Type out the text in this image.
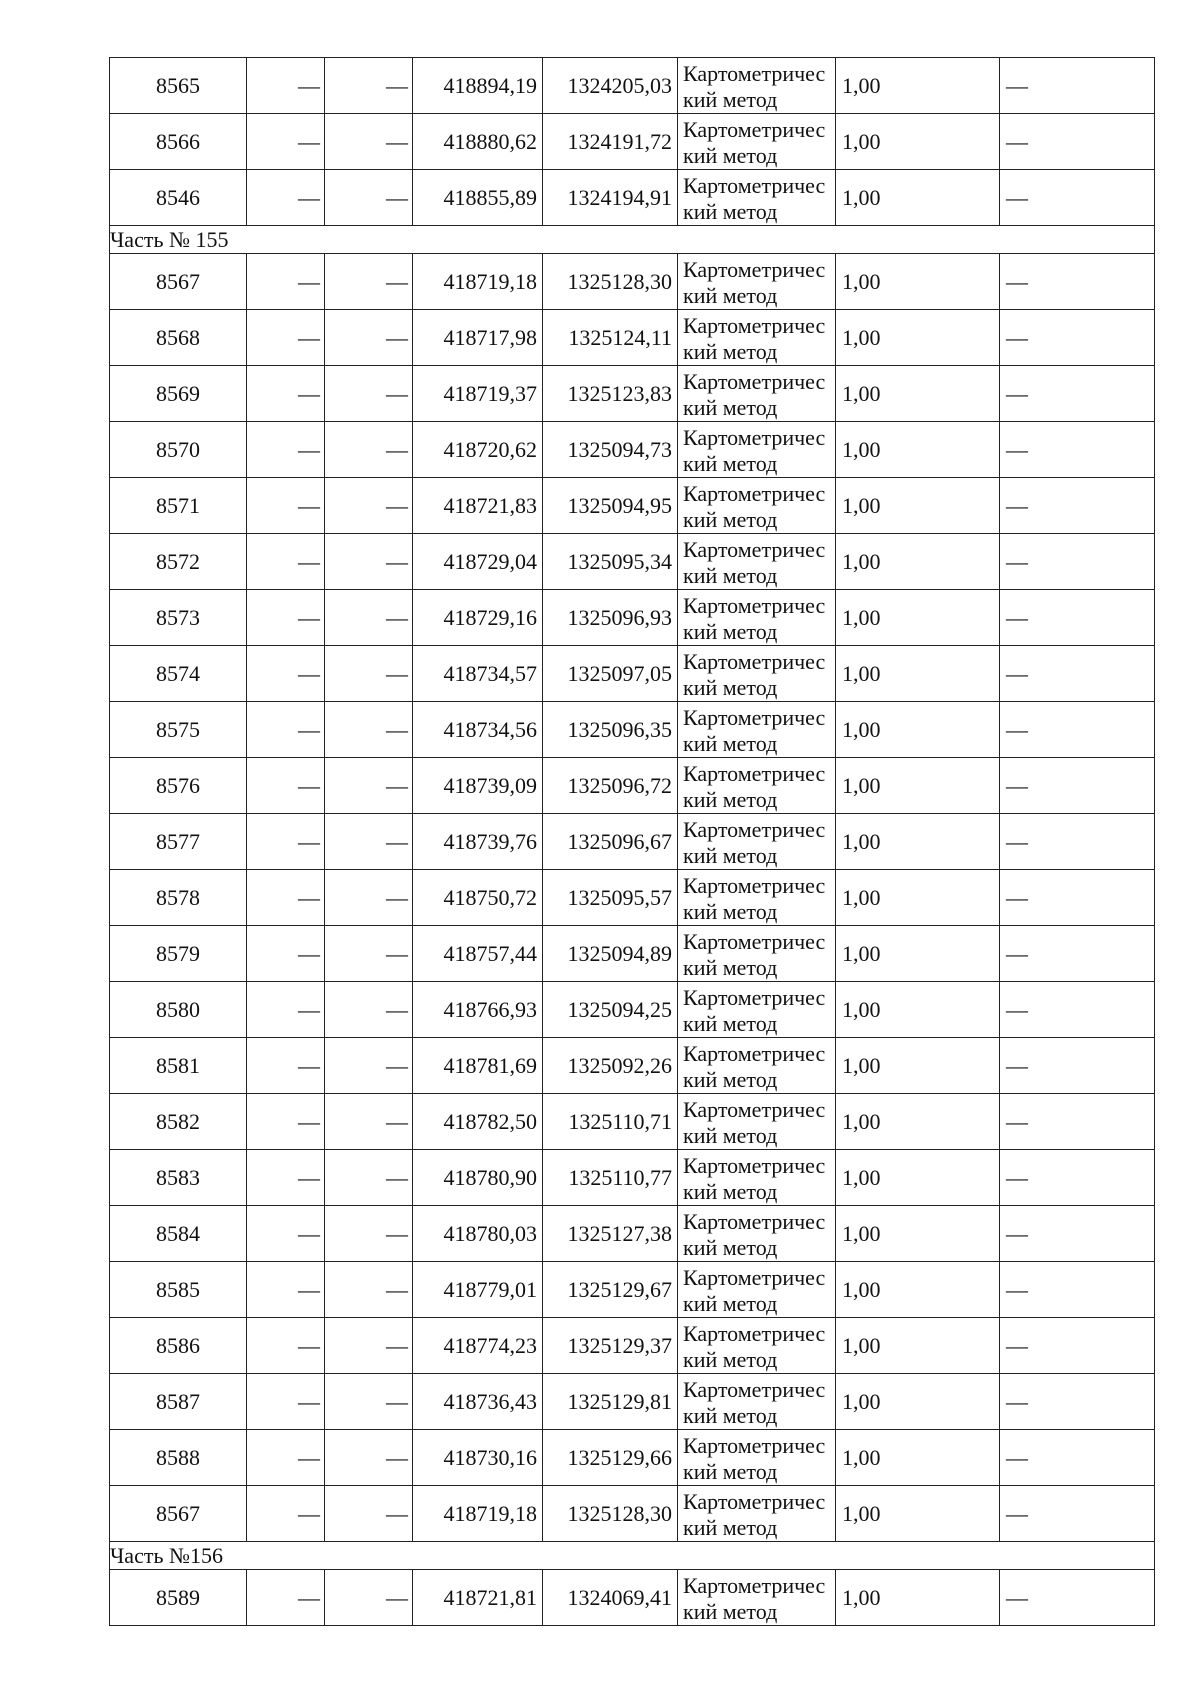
8565	—	—	418894,19	1324205,03	Картометрический метод	1,00	—
8566	—	—	418880,62	1324191,72	Картометрический метод	1,00	—
8546	—	—	418855,89	1324194,91	Картометрический метод	1,00	—
Часть № 155							
8567	—	—	418719,18	1325128,30	Картометрический метод	1,00	—
8568	—	—	418717,98	1325124,11	Картометрический метод	1,00	—
8569	—	—	418719,37	1325123,83	Картометрический метод	1,00	—
8570	—	—	418720,62	1325094,73	Картометрический метод	1,00	—
8571	—	—	418721,83	1325094,95	Картометрический метод	1,00	—
8572	—	—	418729,04	1325095,34	Картометрический метод	1,00	—
8573	—	—	418729,16	1325096,93	Картометрический метод	1,00	—
8574	—	—	418734,57	1325097,05	Картометрический метод	1,00	—
8575	—	—	418734,56	1325096,35	Картометрический метод	1,00	—
8576	—	—	418739,09	1325096,72	Картометрический метод	1,00	—
8577	—	—	418739,76	1325096,67	Картометрический метод	1,00	—
8578	—	—	418750,72	1325095,57	Картометрический метод	1,00	—
8579	—	—	418757,44	1325094,89	Картометрический метод	1,00	—
8580	—	—	418766,93	1325094,25	Картометрический метод	1,00	—
8581	—	—	418781,69	1325092,26	Картометрический метод	1,00	—
8582	—	—	418782,50	1325110,71	Картометрический метод	1,00	—
8583	—	—	418780,90	1325110,77	Картометрический метод	1,00	—
8584	—	—	418780,03	1325127,38	Картометрический метод	1,00	—
8585	—	—	418779,01	1325129,67	Картометрический метод	1,00	—
8586	—	—	418774,23	1325129,37	Картометрический метод	1,00	—
8587	—	—	418736,43	1325129,81	Картометрический метод	1,00	—
8588	—	—	418730,16	1325129,66	Картометрический метод	1,00	—
8567	—	—	418719,18	1325128,30	Картометрический метод	1,00	—
Часть №156							
8589	—	—	418721,81	1324069,41	Картометрический метод	1,00	—
